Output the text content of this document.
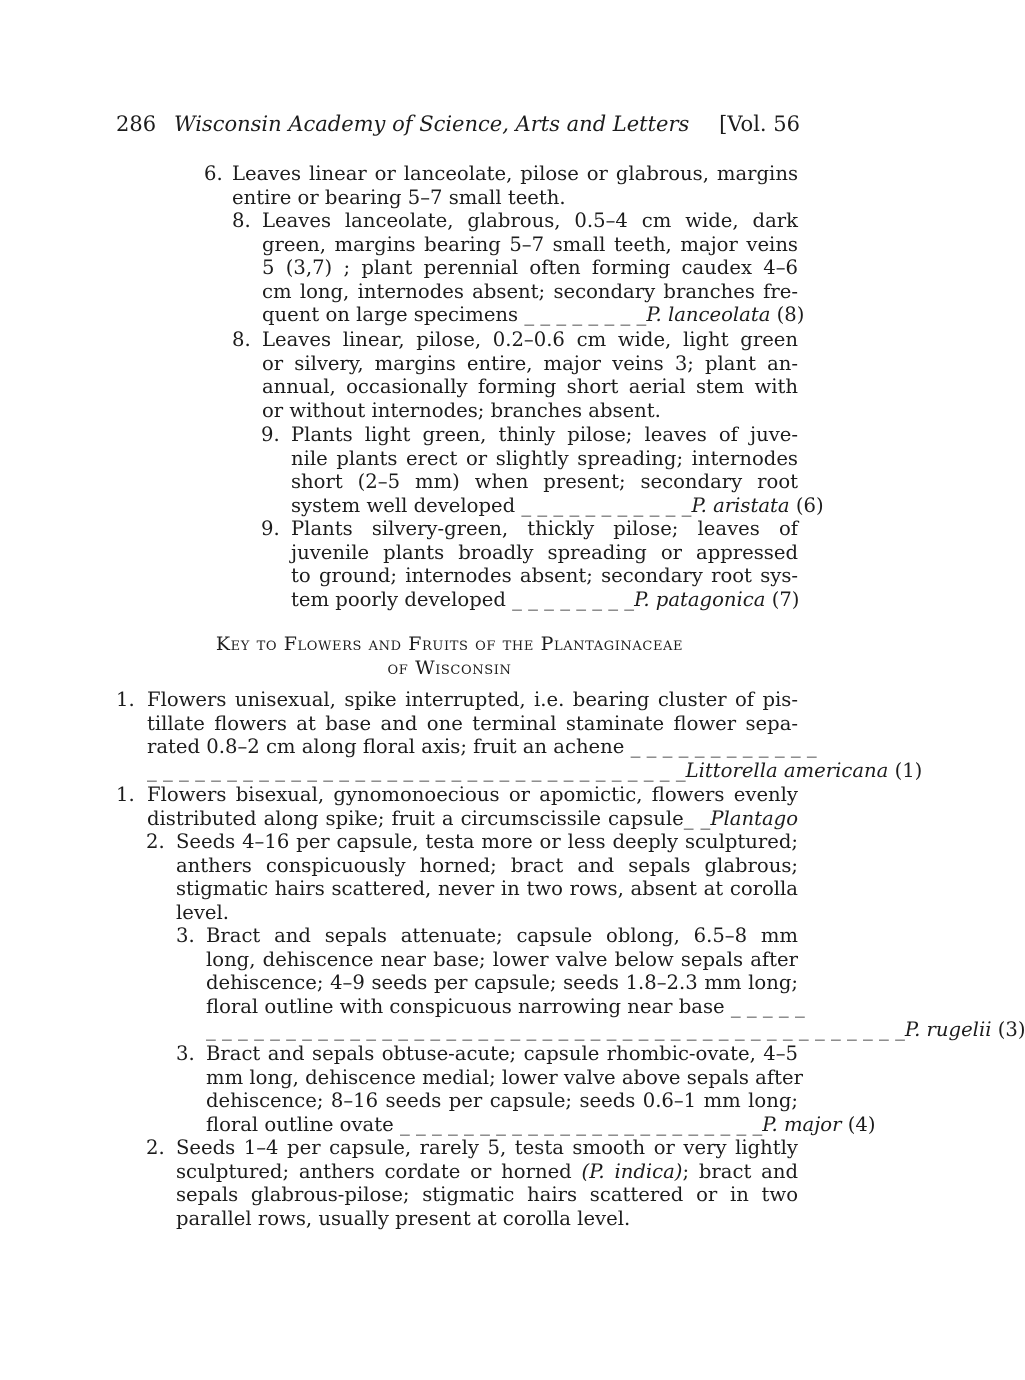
286 Wisconsin Academy of Science, Arts and Letters [Vol. 56
6. Leaves linear or lanceolate, pilose or glabrous, margins
entire or bearing 5–7 small teeth.
8. Leaves lanceolate, glabrous, 0.5–4 cm wide, dark
green, margins bearing 5–7 small teeth, major veins
5 (3,7) ; plant perennial often forming caudex 4–6
cm long, internodes absent; secondary branches fre-
quent on large specimens _ _ _ _ _ _ _ _P. lanceolata (8)
8. Leaves linear, pilose, 0.2–0.6 cm wide, light green
or silvery, margins entire, major veins 3; plant an-
annual, occasionally forming short aerial stem with
or without internodes; branches absent.
9. Plants light green, thinly pilose; leaves of juve-
nile plants erect or slightly spreading; internodes
short (2–5 mm) when present; secondary root
system well developed _ _ _ _ _ _ _ _ _ _ _P. aristata (6)
9. Plants silvery-green, thickly pilose; leaves of
juvenile plants broadly spreading or appressed
to ground; internodes absent; secondary root sys-
tem poorly developed _ _ _ _ _ _ _ _P. patagonica (7)
Key to Flowers and Fruits of the Plantaginaceae
of Wisconsin
1. Flowers unisexual, spike interrupted, i.e. bearing cluster of pis-
tillate flowers at base and one terminal staminate flower sepa-
rated 0.8–2 cm along floral axis; fruit an achene _ _ _ _ _ _ _ _ _ _ _ _
_ _ _ _ _ _ _ _ _ _ _ _ _ _ _ _ _ _ _ _ _ _ _ _ _ _ _ _ _ _ _ _ _ _Littorella americana (1)
1. Flowers bisexual, gynomonoecious or apomictic, flowers evenly
distributed along spike; fruit a circumscissile capsule_ _Plantago
2. Seeds 4–16 per capsule, testa more or less deeply sculptured;
anthers conspicuously horned; bract and sepals glabrous;
stigmatic hairs scattered, never in two rows, absent at corolla
level.
3. Bract and sepals attenuate; capsule oblong, 6.5–8 mm
long, dehiscence near base; lower valve below sepals after
dehiscence; 4–9 seeds per capsule; seeds 1.8–2.3 mm long;
floral outline with conspicuous narrowing near base _ _ _ _ _
_ _ _ _ _ _ _ _ _ _ _ _ _ _ _ _ _ _ _ _ _ _ _ _ _ _ _ _ _ _ _ _ _ _ _ _ _ _ _ _ _ _ _ _P. rugelii (3)
3. Bract and sepals obtuse-acute; capsule rhombic-ovate, 4–5
mm long, dehiscence medial; lower valve above sepals after
dehiscence; 8–16 seeds per capsule; seeds 0.6–1 mm long;
floral outline ovate _ _ _ _ _ _ _ _ _ _ _ _ _ _ _ _ _ _ _ _ _ _ _P. major (4)
2. Seeds 1–4 per capsule, rarely 5, testa smooth or very lightly
sculptured; anthers cordate or horned (P. indica); bract and
sepals glabrous-pilose; stigmatic hairs scattered or in two
parallel rows, usually present at corolla level.
